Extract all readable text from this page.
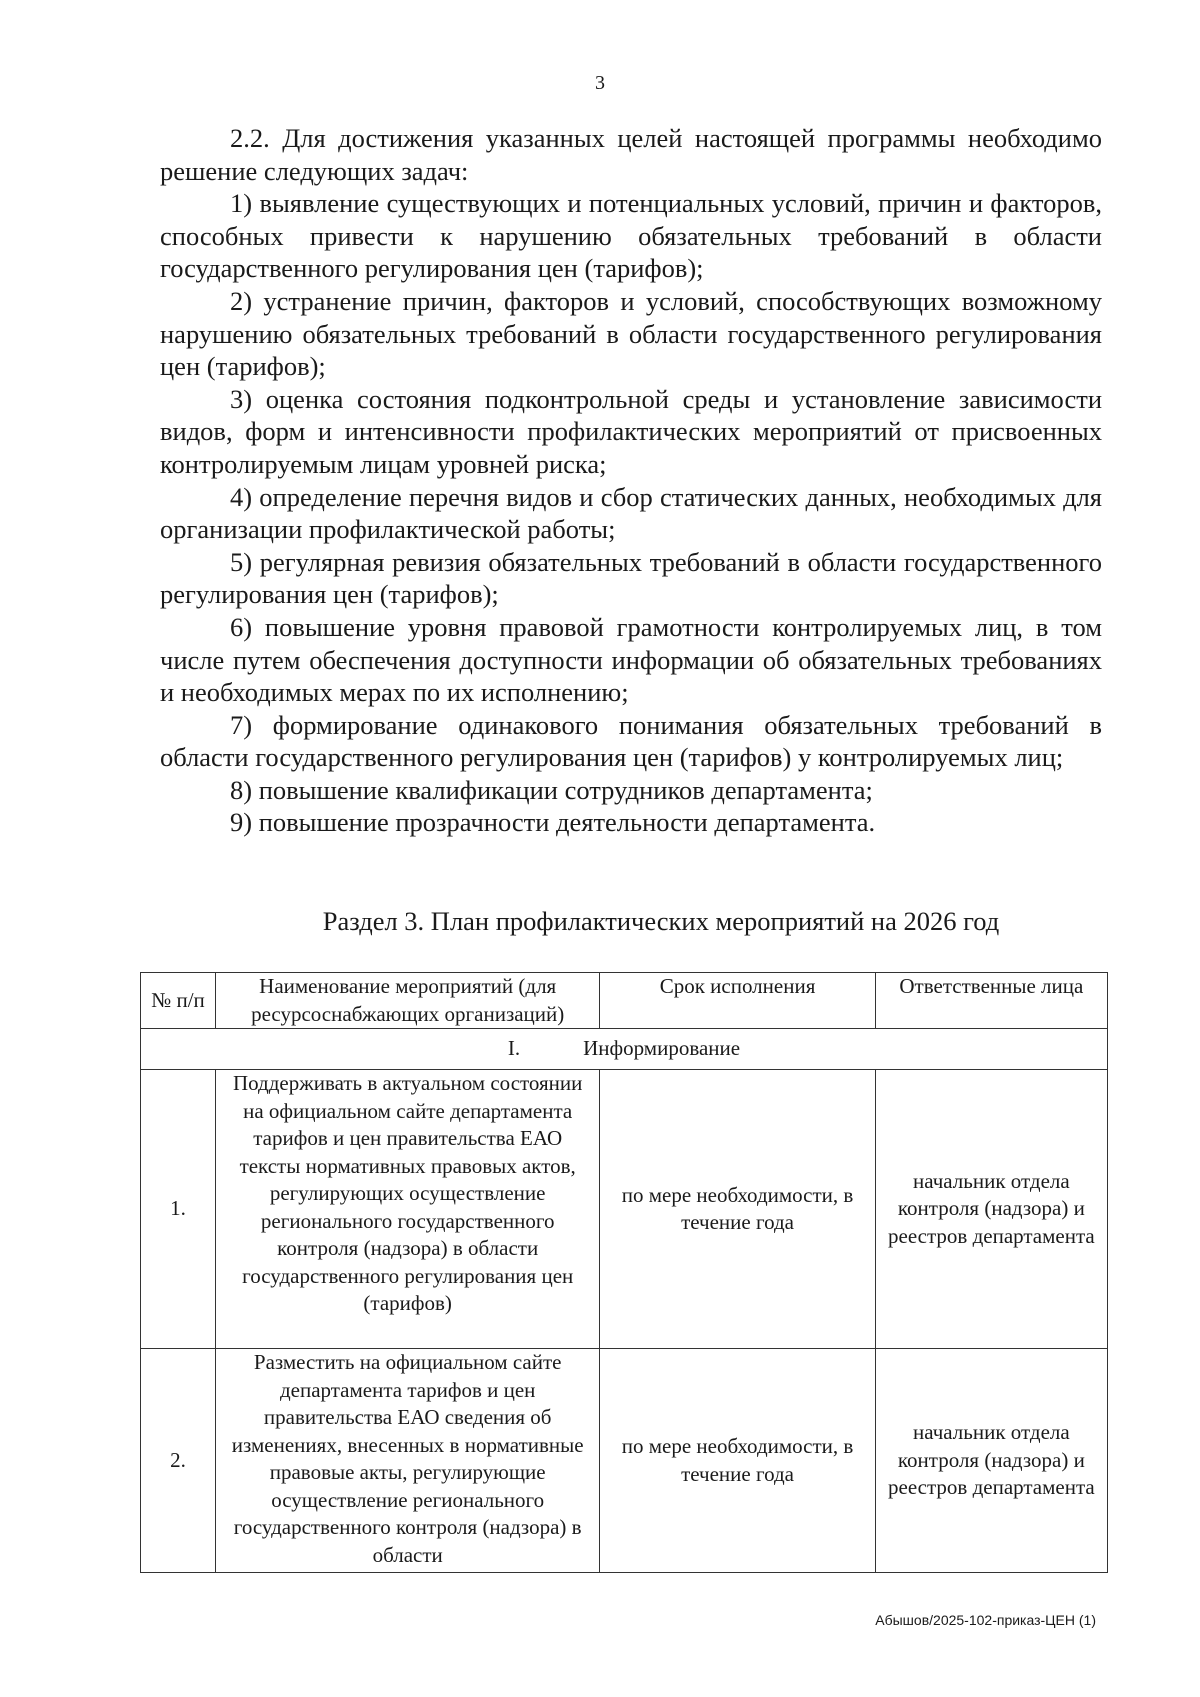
3

2.2. Для достижения указанных целей настоящей программы необходимо решение следующих задач:

1) выявление существующих и потенциальных условий, причин и факторов, способных привести к нарушению обязательных требований в области государственного регулирования цен (тарифов);

2) устранение причин, факторов и условий, способствующих возможному нарушению обязательных требований в области государственного регулирования цен (тарифов);

3) оценка состояния подконтрольной среды и установление зависимости видов, форм и интенсивности профилактических мероприятий от присвоенных контролируемым лицам уровней риска;

4) определение перечня видов и сбор статических данных, необходимых для организации профилактической работы;

5) регулярная ревизия обязательных требований в области государственного регулирования цен (тарифов);

6) повышение уровня правовой грамотности контролируемых лиц, в том числе путем обеспечения доступности информации об обязательных требованиях и необходимых мерах по их исполнению;

7) формирование одинакового понимания обязательных требований в области государственного регулирования цен (тарифов) у контролируемых лиц;

8) повышение квалификации сотрудников департамента;

9) повышение прозрачности деятельности департамента.

Раздел 3. План профилактических мероприятий на 2026 год
№ п/п	Наименование мероприятий (для ресурсоснабжающих организаций)	Срок исполнения	Ответственные лица
I.   Информирование			
1.	Поддерживать в актуальном состоянии на официальном сайте департамента тарифов и цен правительства ЕАО тексты нормативных правовых актов, регулирующих осуществление регионального государственного контроля (надзора) в области государственного регулирования цен (тарифов)	по мере необходимости, в течение года	начальник отдела контроля (надзора) и реестров департамента
2.	Разместить на официальном сайте департамента тарифов и цен правительства ЕАО сведения об изменениях, внесенных в нормативные правовые акты, регулирующие осуществление регионального государственного контроля (надзора) в области	по мере необходимости, в течение года	начальник отдела контроля (надзора) и реестров департамента
Абышов/2025-102-приказ-ЦЕН (1)
